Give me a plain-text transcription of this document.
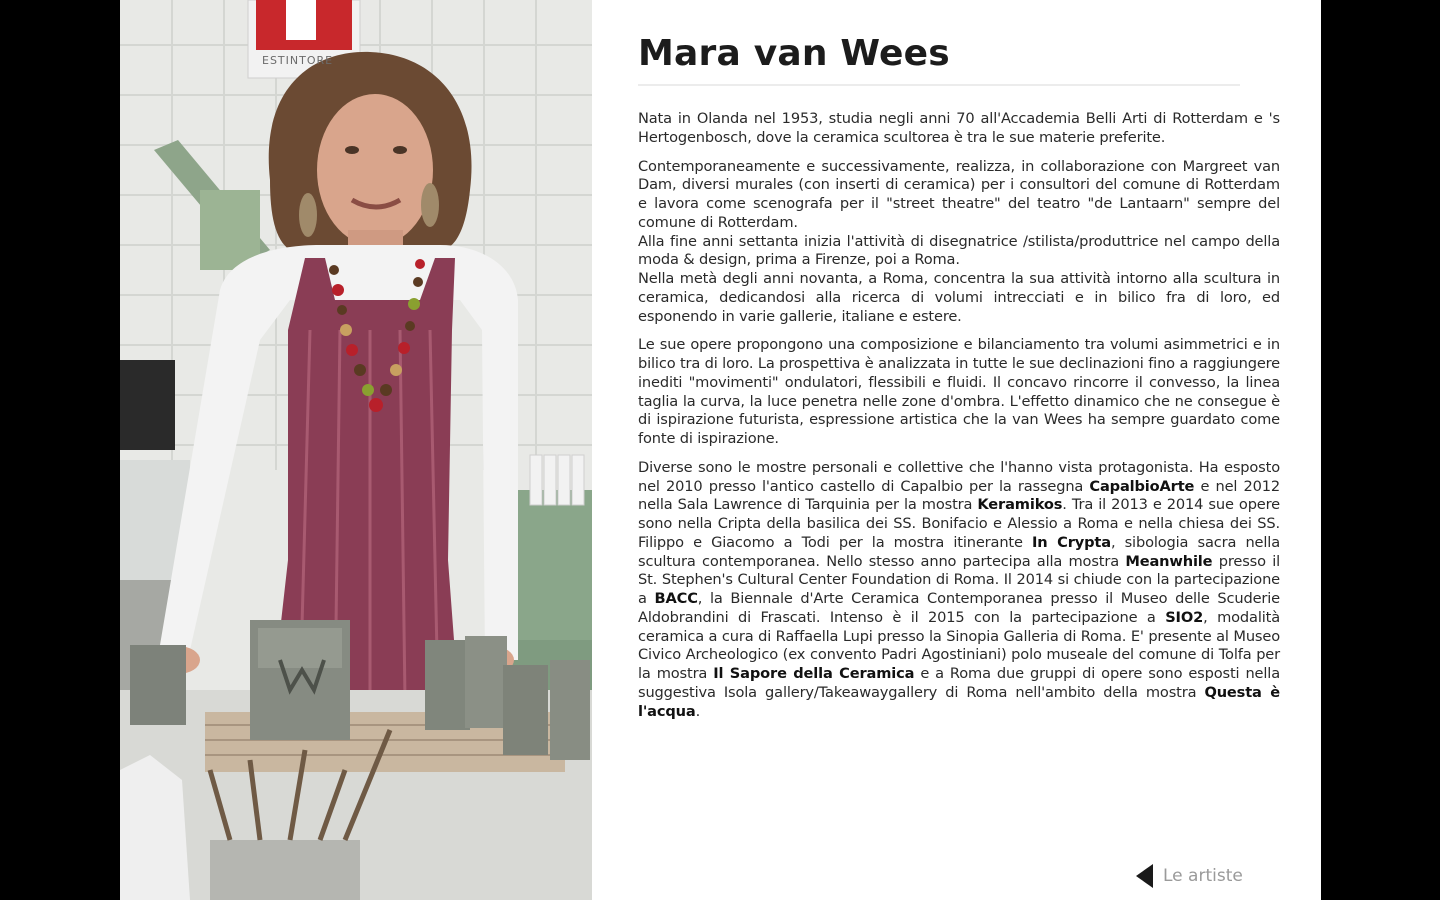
ESTINTORE	Mara van Wees

Nata in Olanda nel 1953, studia negli anni 70 all'Accademia Belli Arti di Rotterdam e 's Hertogenbosch, dove la ceramica scultorea è tra le sue materie preferite.

Contemporaneamente e successivamente, realizza, in collaborazione con Margreet van Dam, diversi murales (con inserti di ceramica) per i consultori del comune di Rotterdam e lavora come scenografa per il "street theatre" del teatro "de Lantaarn" sempre del comune di Rotterdam.

Alla fine anni settanta inizia l'attività di disegnatrice /stilista/produttrice nel campo della moda & design, prima a Firenze, poi a Roma.

Nella metà degli anni novanta, a Roma, concentra la sua attività intorno alla scultura in ceramica, dedicandosi alla ricerca di volumi intrecciati e in bilico fra di loro, ed esponendo in varie gallerie, italiane e estere.

Le sue opere propongono una composizione e bilanciamento tra volumi asimmetrici e in bilico tra di loro. La prospettiva è analizzata in tutte le sue declinazioni fino a raggiungere inediti "movimenti" ondulatori, flessibili e fluidi. Il concavo rincorre il convesso, la linea taglia la curva, la luce penetra nelle zone d'ombra. L'effetto dinamico che ne consegue è di ispirazione futurista, espressione artistica che la van Wees ha sempre guardato come fonte di ispirazione.

Diverse sono le mostre personali e collettive che l'hanno vista protagonista. Ha esposto nel 2010 presso l'antico castello di Capalbio per la rassegna CapalbioArte e nel 2012 nella Sala Lawrence di Tarquinia per la mostra Keramikos. Tra il 2013 e 2014 sue opere sono nella Cripta della basilica dei SS. Bonifacio e Alessio a Roma e nella chiesa dei SS. Filippo e Giacomo a Todi per la mostra itinerante In Crypta, sibologia sacra nella scultura contemporanea. Nello stesso anno partecipa alla mostra Meanwhile presso il St. Stephen's Cultural Center Foundation di Roma. Il 2014 si chiude con la partecipazione a BACC, la Biennale d'Arte Ceramica Contemporanea presso il Museo delle Scuderie Aldobrandini di Frascati. Intenso è il 2015 con la partecipazione a SIO2, modalità ceramica a cura di Raffaella Lupi presso la Sinopia Galleria di Roma. E' presente al Museo Civico Archeologico (ex convento Padri Agostiniani) polo museale del comune di Tolfa per la mostra Il Sapore della Ceramica e a Roma due gruppi di opere sono esposti nella suggestiva Isola gallery/Takeawaygallery di Roma nell'ambito della mostra Questa è l'acqua.

Le artiste
